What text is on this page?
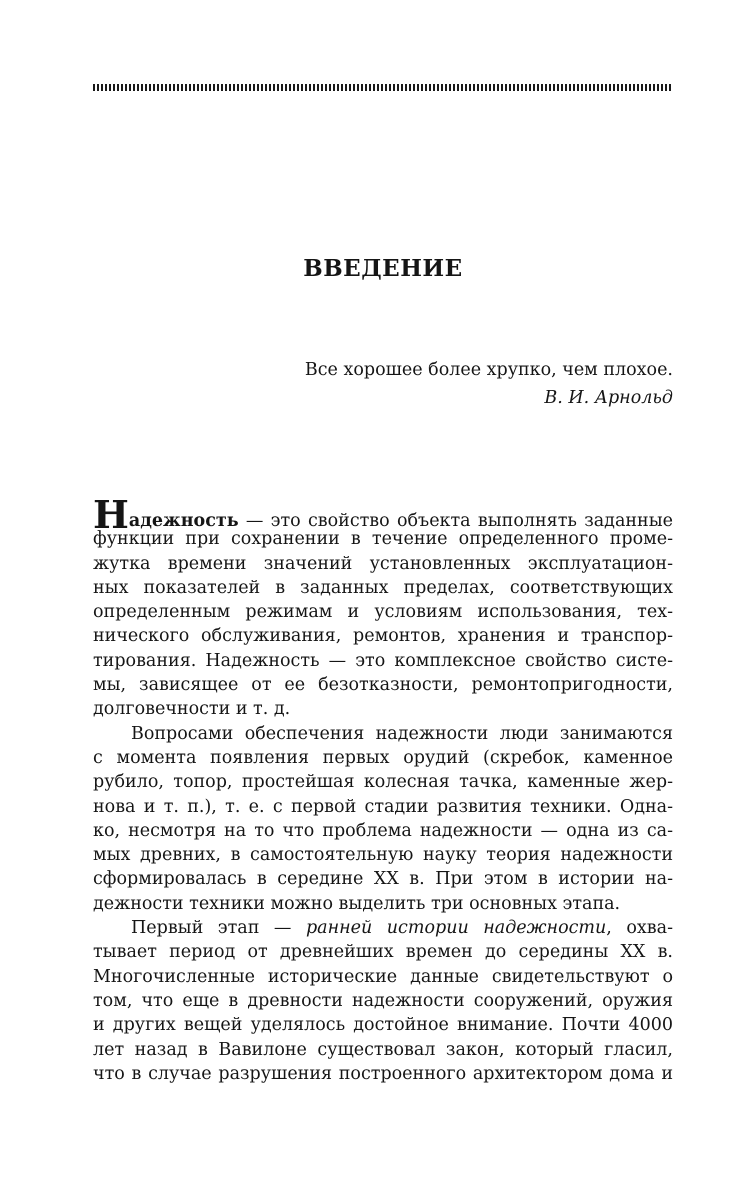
ВВЕДЕНИЕ
Все хорошее более хрупко, чем плохое.
В. И. Арнольд
Надежность — это свойство объекта выполнять заданные
функции при сохранении в течение определенного проме-
жутка времени значений установленных эксплуатацион-
ных показателей в заданных пределах, соответствующих
определенным режимам и условиям использования, тех-
нического обслуживания, ремонтов, хранения и транспор-
тирования. Надежность — это комплексное свойство систе-
мы, зависящее от ее безотказности, ремонтопригодности,
долговечности и т. д.
Вопросами обеспечения надежности люди занимаются
с момента появления первых орудий (скребок, каменное
рубило, топор, простейшая колесная тачка, каменные жер-
нова и т. п.), т. е. с первой стадии развития техники. Одна-
ко, несмотря на то что проблема надежности — одна из са-
мых древних, в самостоятельную науку теория надежности
сформировалась в середине XX в. При этом в истории на-
дежности техники можно выделить три основных этапа.
Первый этап — ранней истории надежности, охва-
тывает период от древнейших времен до середины XX в.
Многочисленные исторические данные свидетельствуют о
том, что еще в древности надежности сооружений, оружия
и других вещей уделялось достойное внимание. Почти 4000
лет назад в Вавилоне существовал закон, который гласил,
что в случае разрушения построенного архитектором дома и
